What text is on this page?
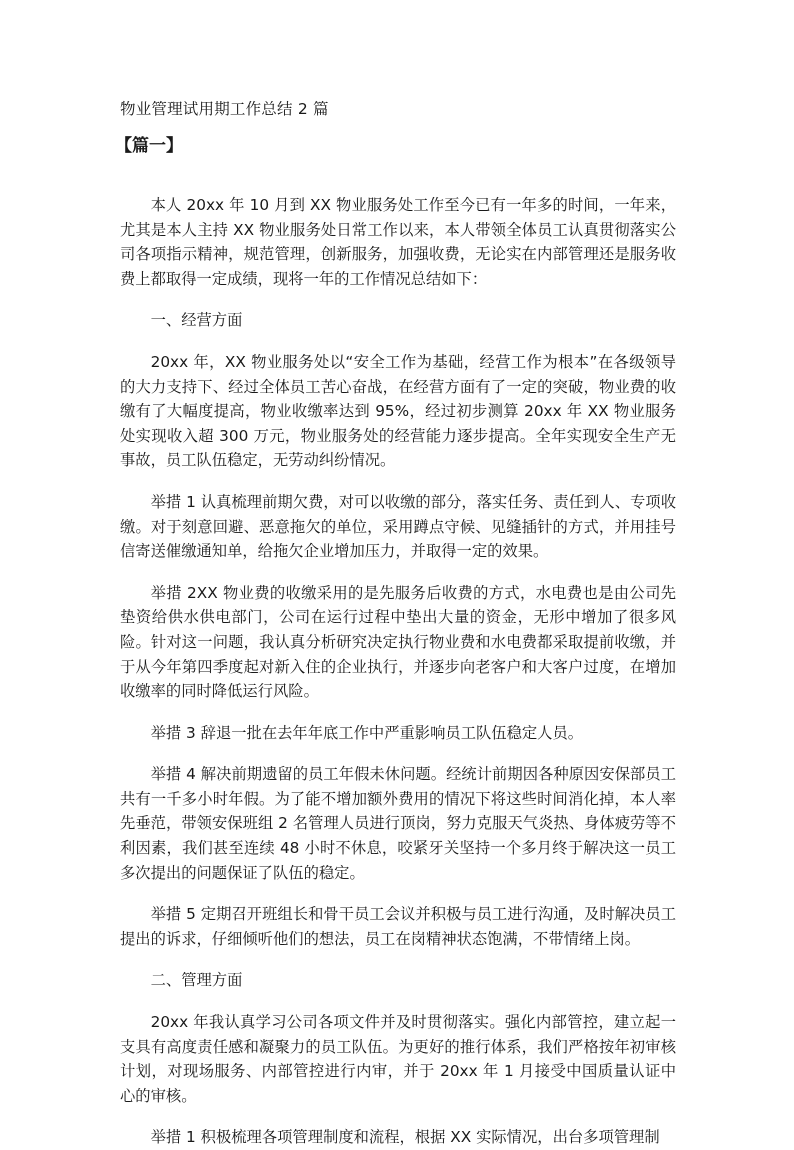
物业管理试用期工作总结 2 篇
【篇一】

本人 20xx 年 10 月到 XX 物业服务处工作至今已有一年多的时间，一年来，尤其是本人主持 XX 物业服务处日常工作以来，本人带领全体员工认真贯彻落实公司各项指示精神，规范管理，创新服务，加强收费，无论实在内部管理还是服务收费上都取得一定成绩，现将一年的工作情况总结如下：

一、经营方面

20xx 年，XX 物业服务处以“安全工作为基础，经营工作为根本”在各级领导的大力支持下、经过全体员工苦心奋战，在经营方面有了一定的突破，物业费的收缴有了大幅度提高，物业收缴率达到 95%，经过初步测算 20xx 年 XX 物业服务处实现收入超 300 万元，物业服务处的经营能力逐步提高。全年实现安全生产无事故，员工队伍稳定，无劳动纠纷情况。

举措 1 认真梳理前期欠费，对可以收缴的部分，落实任务、责任到人、专项收缴。对于刻意回避、恶意拖欠的单位，采用蹲点守候、见缝插针的方式，并用挂号信寄送催缴通知单，给拖欠企业增加压力，并取得一定的效果。

举措 2XX 物业费的收缴采用的是先服务后收费的方式，水电费也是由公司先垫资给供水供电部门，公司在运行过程中垫出大量的资金，无形中增加了很多风险。针对这一问题，我认真分析研究决定执行物业费和水电费都采取提前收缴，并于从今年第四季度起对新入住的企业执行，并逐步向老客户和大客户过度，在增加收缴率的同时降低运行风险。

举措 3 辞退一批在去年年底工作中严重影响员工队伍稳定人员。

举措 4 解决前期遗留的员工年假未休问题。经统计前期因各种原因安保部员工共有一千多小时年假。为了能不增加额外费用的情况下将这些时间消化掉，本人率先垂范，带领安保班组 2 名管理人员进行顶岗，努力克服天气炎热、身体疲劳等不利因素，我们甚至连续 48 小时不休息，咬紧牙关坚持一个多月终于解决这一员工多次提出的问题保证了队伍的稳定。

举措 5 定期召开班组长和骨干员工会议并积极与员工进行沟通，及时解决员工提出的诉求，仔细倾听他们的想法，员工在岗精神状态饱满，不带情绪上岗。

二、管理方面

20xx 年我认真学习公司各项文件并及时贯彻落实。强化内部管控，建立起一支具有高度责任感和凝聚力的员工队伍。为更好的推行体系，我们严格按年初审核计划，对现场服务、内部管控进行内审，并于 20xx 年 1 月接受中国质量认证中心的审核。

举措 1 积极梳理各项管理制度和流程，根据 XX 实际情况，出台多项管理制
